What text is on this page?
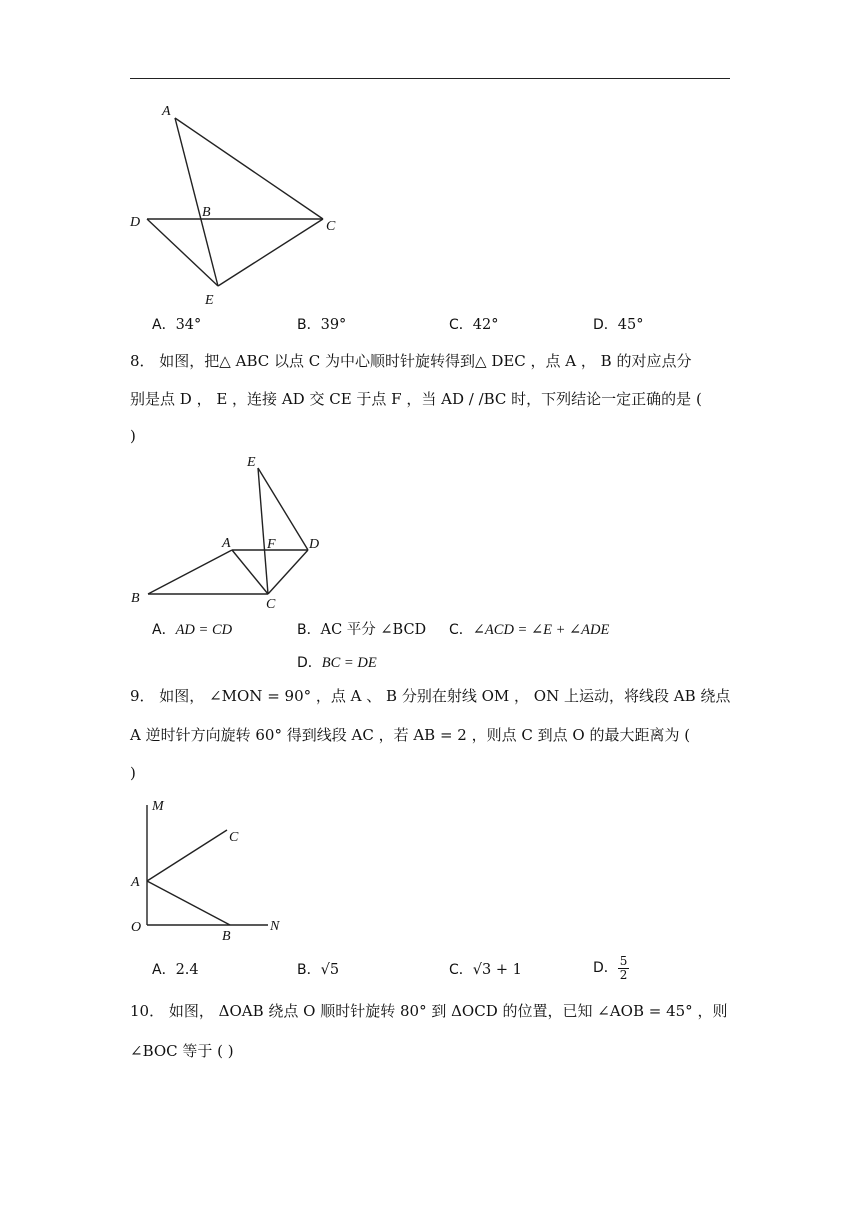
A
B
C
D
E
A．34°	B．39°	C．42°	D．45°
8． 如图，把△ ABC 以点 C 为中心顺时针旋转得到△ DEC ，点 A ， B 的对应点分
别是点 D ， E ，连接 AD 交 CE 于点 F ，当 AD / /BC 时，下列结论一定正确的是 (
)
E
A	F D
B	C
A．AD = CD	B．AC 平分 ∠BCD C．∠ACD = ∠E + ∠ADE
D．BC = DE
9． 如图， ∠MON = 90° ，点 A 、 B 分别在射线 OM ， ON 上运动，将线段 AB 绕点
A 逆时针方向旋转 60° 得到线段 AC ，若 AB = 2 ，则点 C 到点 O 的最大距离为 (
)
M
C
A
O
B
N
A．2.4	B．√5	C．√3 + 1	D． $\frac{5}{2}$
10． 如图， ΔOAB 绕点 O 顺时针旋转 80° 到 ΔOCD 的位置，已知 ∠AOB = 45° ，则
∠BOC 等于 ( )
